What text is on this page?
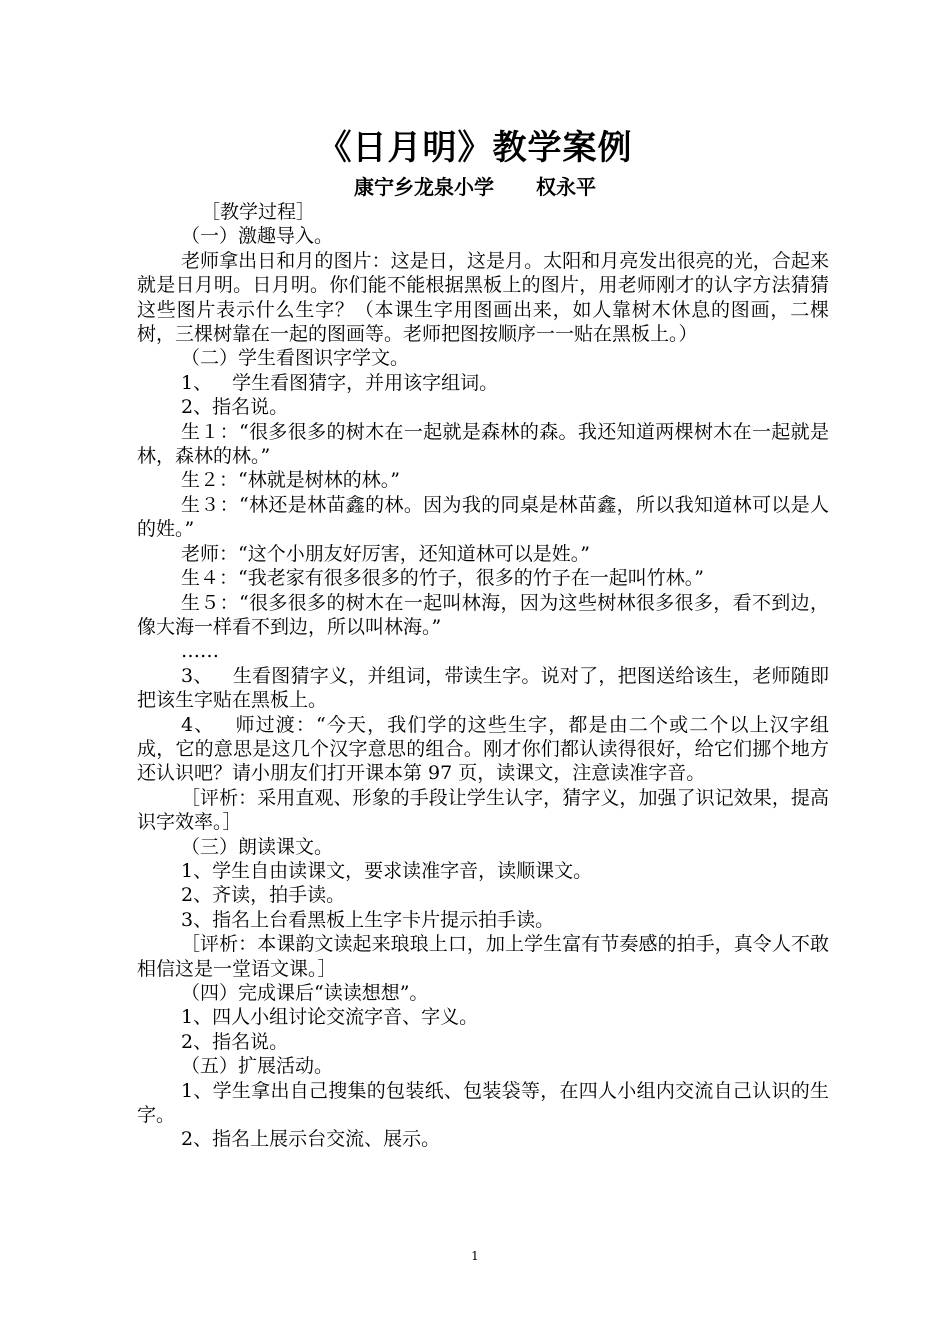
《日月明》教学案例
康宁乡龙泉小学 权永平

［教学过程］

（一）激趣导入。

老师拿出日和月的图片：这是日，这是月。太阳和月亮发出很亮的光，合起来就是日月明。日月明。你们能不能根据黑板上的图片，用老师刚才的认字方法猜猜这些图片表示什么生字？（本课生字用图画出来，如人靠树木休息的图画，二棵树，三棵树靠在一起的图画等。老师把图按顺序一一贴在黑板上。）

（二）学生看图识字学文。

1、 学生看图猜字，并用该字组词。

2、指名说。

生１：“很多很多的树木在一起就是森林的森。我还知道两棵树木在一起就是林，森林的林。”

生２：“林就是树林的林。”

生３：“林还是林苗鑫的林。因为我的同桌是林苗鑫，所以我知道林可以是人的姓。”

老师：“这个小朋友好厉害，还知道林可以是姓。”

生４：“我老家有很多很多的竹子，很多的竹子在一起叫竹林。”

生５：“很多很多的树木在一起叫林海，因为这些树林很多很多，看不到边，像大海一样看不到边，所以叫林海。”

……

3、 生看图猜字义，并组词，带读生字。说对了，把图送给该生，老师随即把该生字贴在黑板上。

4、 师过渡：“今天，我们学的这些生字，都是由二个或二个以上汉字组成，它的意思是这几个汉字意思的组合。刚才你们都认读得很好，给它们挪个地方还认识吧？请小朋友们打开课本第 97 页，读课文，注意读准字音。

［评析：采用直观、形象的手段让学生认字，猜字义，加强了识记效果，提高识字效率。］

（三）朗读课文。

1、学生自由读课文，要求读准字音，读顺课文。

2、齐读，拍手读。

3、指名上台看黑板上生字卡片提示拍手读。

［评析：本课韵文读起来琅琅上口，加上学生富有节奏感的拍手，真令人不敢相信这是一堂语文课。］

（四）完成课后“读读想想”。

1、四人小组讨论交流字音、字义。

2、指名说。

（五）扩展活动。

1、学生拿出自己搜集的包装纸、包装袋等，在四人小组内交流自己认识的生字。

2、指名上展示台交流、展示。

1
